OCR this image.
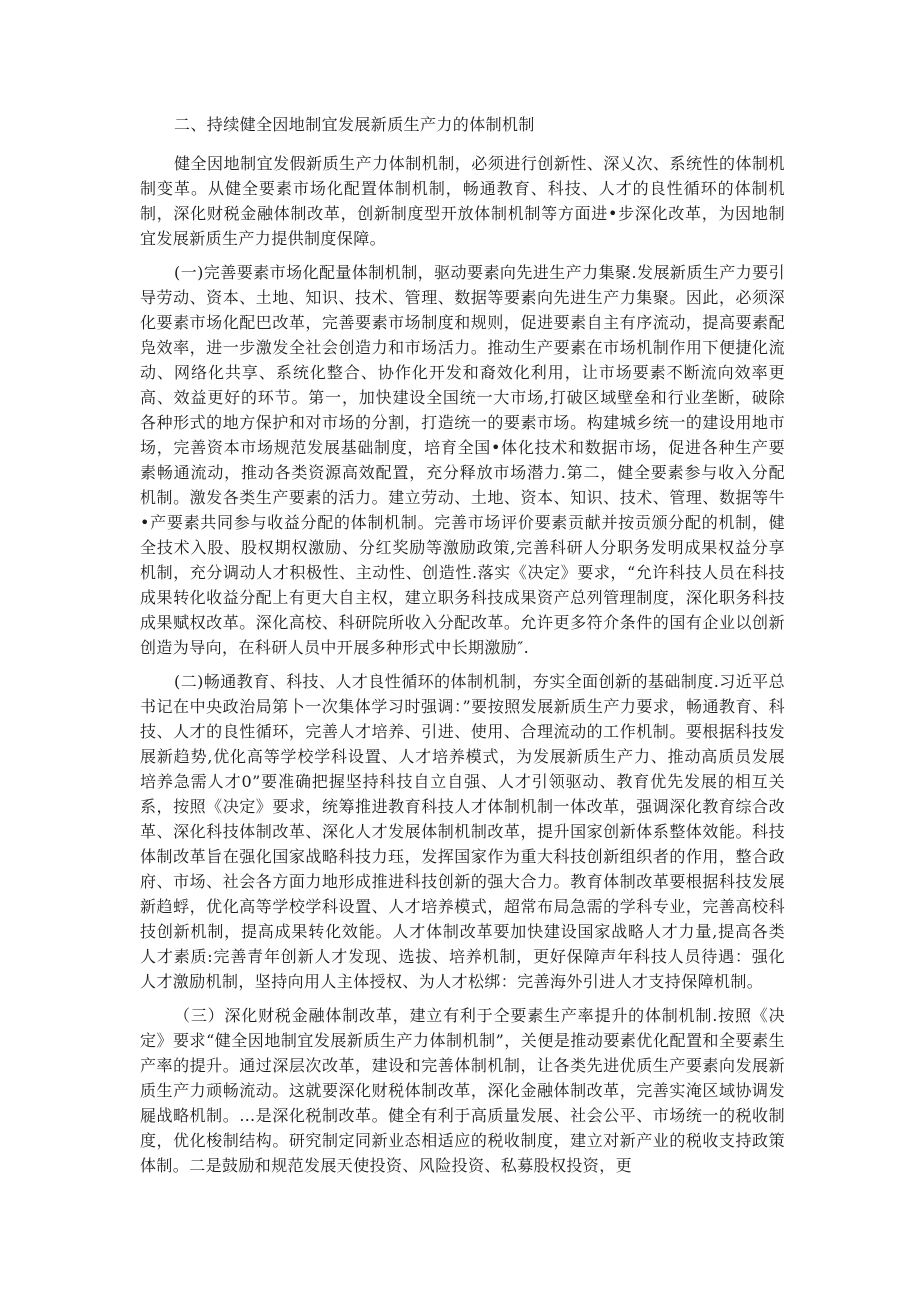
二、持续健全因地制宜发展新质生产力的体制机制

健全因地制宜发假新质生产力体制机制，必须进行创新性、深乂次、系统性的体制机制变革。从健全要素市场化配置体制机制，畅通教育、科技、人才的良性循环的体制机制，深化财税金融体制改革，创新制度型开放体制机制等方面进•步深化改革，为因地制宜发展新质生产力提供制度保障。

(一)完善要素市场化配量体制机制，驱动要素向先进生产力集聚.发展新质生产力要引导劳动、资本、土地、知识、技术、管理、数据等要素向先进生产力集聚。因此，必须深化要素市场化配巴改革，完善要素市场制度和规则，促进要素自主有序流动，提高要素配凫效率，进一步激发全社会创造力和市场活力。推动生产要素在市场机制作用下便捷化流动、网络化共享、系统化整合、协作化开发和裔效化利用，让市场要素不断流向效率更高、效益更好的环节。第一，加快建设全国统一大市场,打破区域壁垒和行业垄断，破除各种形式的地方保护和对市场的分割，打造统一的要素市场。构建城乡统一的建设用地市场，完善资本市场规范发展基础制度，培育全国•体化技术和数据市场，促进各种生产要素畅通流动，推动各类资源高效配置，充分释放市场潜力.第二，健全要素参与收入分配机制。激发各类生产要素的活力。建立劳动、土地、资本、知识、技术、管理、数据等牛•产要素共同参与收益分配的体制机制。完善市场评价要素贡献并按贡颁分配的机制，健全技术入股、股权期权激励、分红奖励等激励政策,完善科研人分职务发明成果权益分享机制，充分调动人才积极性、主动性、创造性.落实《决定》要求，“允许科技人员在科技成果转化收益分配上有更大自主权，建立职务科技成果资产总列管理制度，深化职务科技成果赋权改革。深化高校、科研院所收入分配改革。允许更多符介条件的国有企业以创新创造为导向，在科研人员中开展多种形式中长期激励″.

(二)畅通教育、科技、人才良性循环的体制机制，夯实全面创新的基础制度.习近平总书记在中央政治局第卜一次集体学习时强调：”要按照发展新质生产力要求，畅通教育、科技、人才的良性循环，完善人才培养、引进、使用、合理流动的工作机制。要根据科技发展新趋势,优化高等学校学科设置、人才培养模式，为发展新质生产力、推动高质员发展培养急需人才0”要准确把握坚持科技自立自强、人才引领驱动、教育优先发展的相互关系，按照《决定》要求，统筹推进教育科技人才体制机制一体改革，强调深化教育综合改革、深化科技体制改革、深化人才发展体制机制改革，提升国家创新体系整体效能。科技体制改革旨在强化国家战略科技力珏，发挥国家作为重大科技创新组织者的作用，整合政府、市场、社会各方面力地形成推进科技创新的强大合力。教育体制改革要根据科技发展新趋蜉，优化高等学校学科设置、人才培养模式，超常布局急需的学科专业，完善高校科技创新机制，提高成果转化效能。人才体制改革要加快建设国家战略人才力量,提高各类人才素质:完善青年创新人才发现、选拔、培养机制，更好保障声年科技人员待遇：强化人才激励机制，坚持向用人主体授权、为人才松绑：完善海外引进人才支持保障机制。

（三）深化财税金融体制改革，建立有利于仝要素生产率提升的体制机制.按照《决定》要求“健全因地制宜发展新质生产力体制机制”，关便是推动要素优化配置和全要素生产率的提升。通过深层次改革，建设和完善体制机制，让各类先进优质生产要素向发展新质生产力顽畅流动。这就要深化财税体制改革，深化金融体制改革，完善实淹区域协调发屣战略机制。…是深化税制改革。健全有利于高质量发展、社会公平、市场统一的税收制度，优化梭制结构。研究制定同新业态相适应的税收制度，建立对新产业的税收支持政策体制。二是鼓励和规范发展天使投资、风险投资、私募股权投资，更
